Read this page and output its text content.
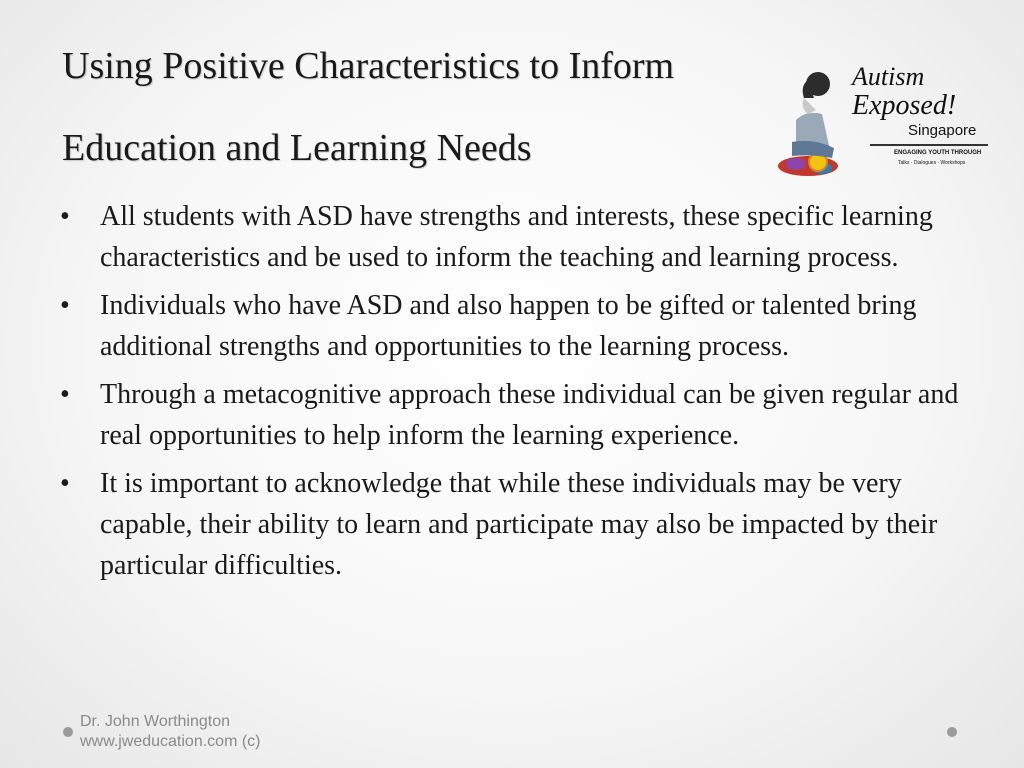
Using Positive Characteristics to Inform
Education and Learning Needs
Autism
Exposed!
Singapore
ENGAGING YOUTH THROUGH
Talks · Dialogues · Workshops
• All students with ASD have strengths and interests, these specific learning characteristics and be used to inform the teaching and learning process.
• Individuals who have ASD and also happen to be gifted or talented bring additional strengths and opportunities to the learning process.
• Through a metacognitive approach these individual can be given regular and real opportunities to help inform the learning experience.
• It is important to acknowledge that while these individuals may be very capable, their ability to learn and participate may also be impacted by their particular difficulties.
Dr. John Worthington
www.jweducation.com (c)
